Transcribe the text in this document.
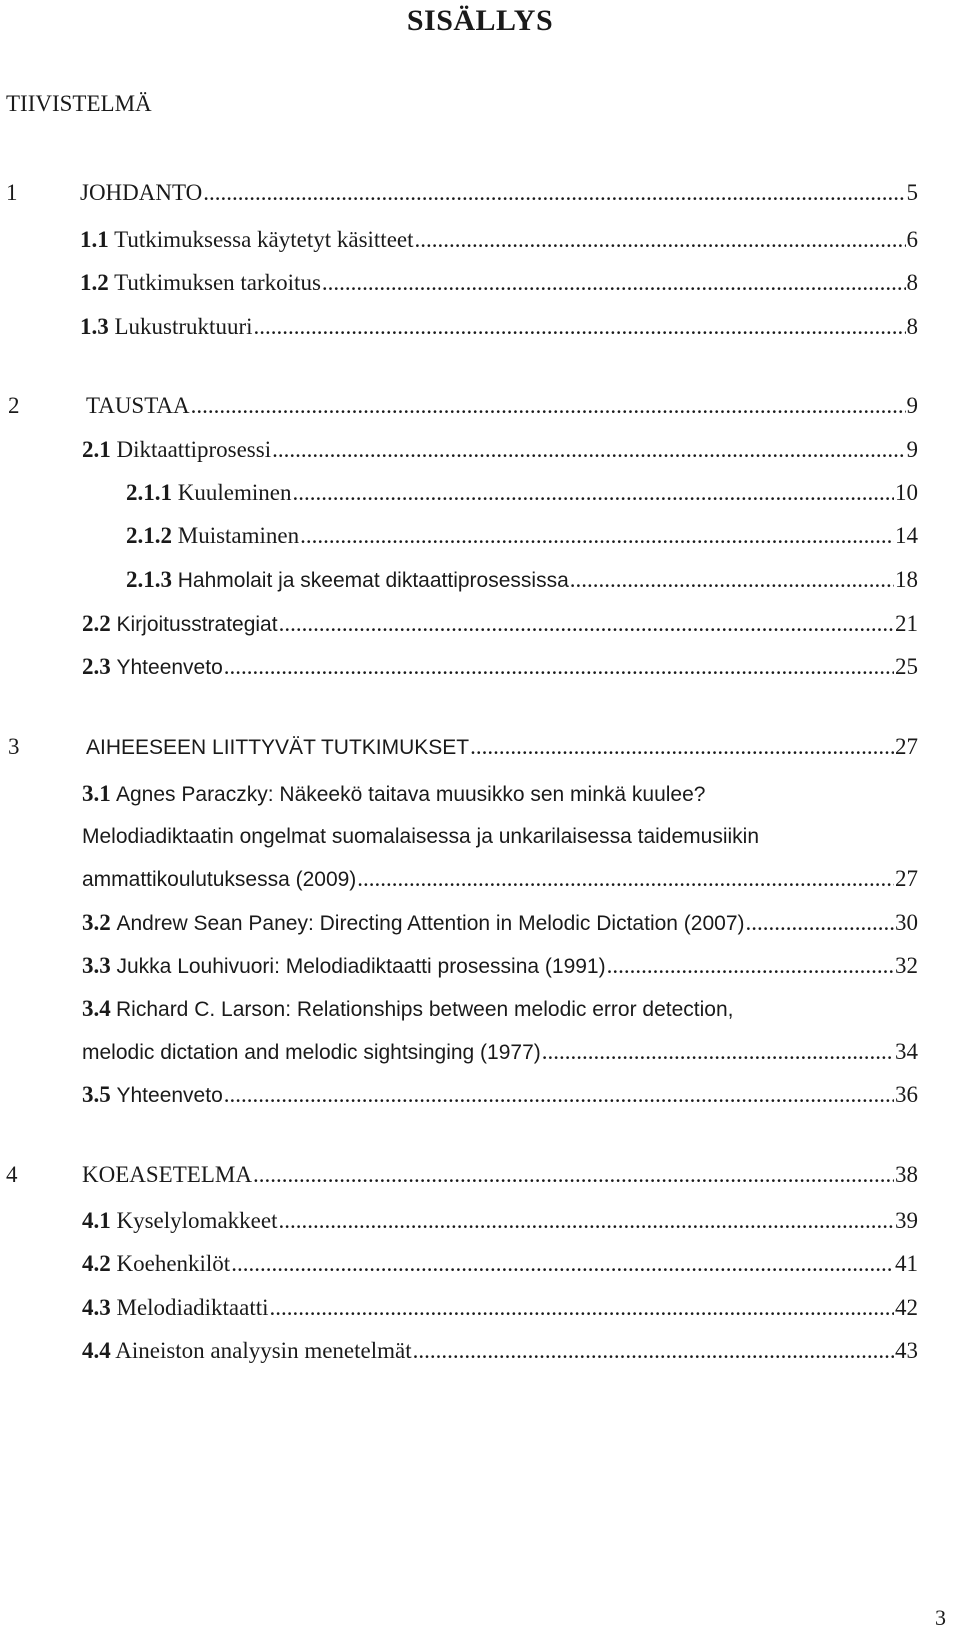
SISÄLLYS
TIIVISTELMÄ
1	JOHDANTO .....	5
1.1 Tutkimuksessa käytetyt käsitteet .....	6
1.2 Tutkimuksen tarkoitus .....	8
1.3 Lukustruktuuri .....	8
2	TAUSTAA .....	9
2.1 Diktaattiprosessi .....	9
2.1.1 Kuuleminen .....	10
2.1.2 Muistaminen .....	14
2.1.3 Hahmolait ja skeemat diktaattiprosessissa .....	18
2.2 Kirjoitusstrategiat .....	21
2.3 Yhteenveto .....	25
3	AIHEESEEN LIITTYVÄT TUTKIMUKSET .....	27
3.1 Agnes Paraczky: Näkeekö taitava muusikko sen minkä kuulee?
Melodiadiktaatin ongelmat suomalaisessa ja unkarilaisessa taidemusiikin
ammattikoulutuksessa (2009) .....	27
3.2 Andrew Sean Paney: Directing Attention in Melodic Dictation (2007) .....	30
3.3 Jukka Louhivuori: Melodiadiktaatti prosessina (1991) .....	32
3.4 Richard C. Larson: Relationships between melodic error detection,
melodic dictation and melodic sightsinging (1977) .....	34
3.5 Yhteenveto .....	36
4	KOEASETELMA .....	38
4.1 Kyselylomakkeet .....	39
4.2 Koehenkilöt .....	41
4.3 Melodiadiktaatti .....	42
4.4 Aineiston analyysin menetelmät .....	43
3
